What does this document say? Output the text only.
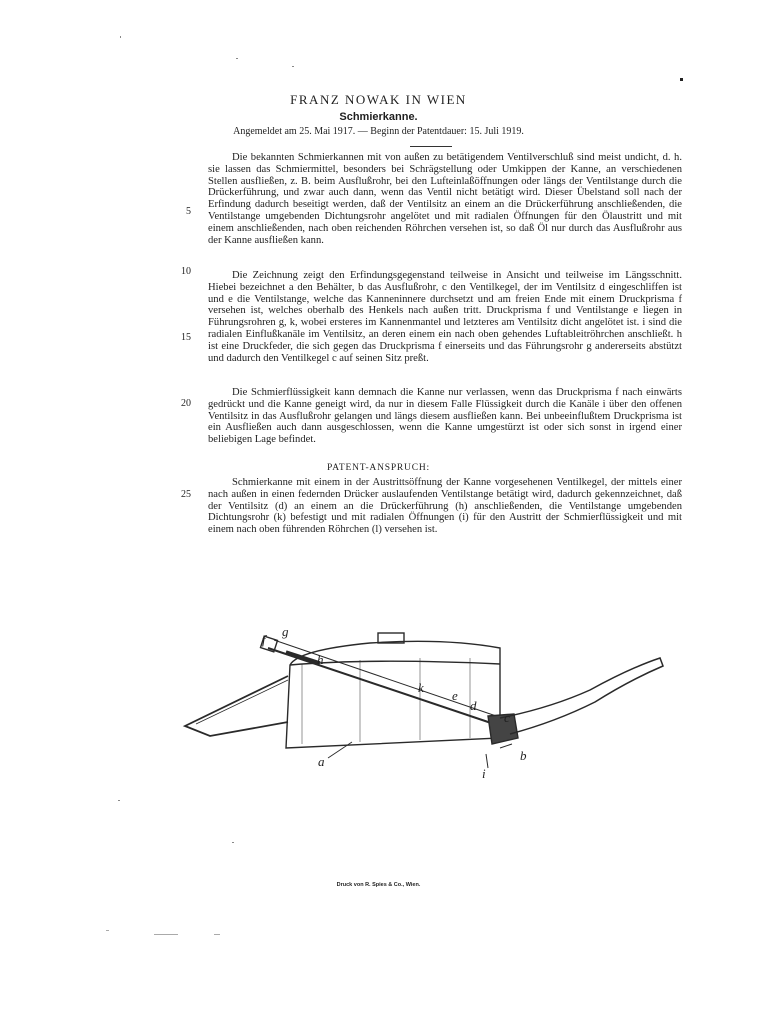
FRANZ NOWAK IN WIEN
Schmierkanne.
Angemeldet am 25. Mai 1917. — Beginn der Patentdauer: 15. Juli 1919.

Die bekannten Schmierkannen mit von außen zu betätigendem Ventilverschluß sind meist undicht, d. h. sie lassen das Schmiermittel, besonders bei Schrägstellung oder Umkippen der Kanne, an verschiedenen Stellen ausfließen, z. B. beim Ausflußrohr, bei den Lufteinlaßöffnungen oder längs der Ventilstange durch die Drückerführung, und zwar auch dann, wenn das Ventil nicht betätigt wird. Dieser Übelstand soll nach der Erfindung dadurch beseitigt werden, daß der Ventilsitz an einem an die Drückerführung anschließenden, die Ventilstange umgebenden Dichtungsrohr angelötet und mit radialen Öffnungen für den Ölaustritt und mit einem anschließenden, nach oben reichenden Röhrchen versehen ist, so daß Öl nur durch das Ausflußrohr aus der Kanne ausfließen kann.

Die Zeichnung zeigt den Erfindungsgegenstand teilweise in Ansicht und teilweise im Längsschnitt. Hiebei bezeichnet a den Behälter, b das Ausflußrohr, c den Ventilkegel, der im Ventilsitz d eingeschliffen ist und e die Ventilstange, welche das Kanneninnere durchsetzt und am freien Ende mit einem Druckprisma f versehen ist, welches oberhalb des Henkels nach außen tritt. Druckprisma f und Ventilstange e liegen in Führungsrohren g, k, wobei ersteres im Kannenmantel und letzteres am Ventilsitz dicht angelötet ist. i sind die radialen Einflußkanäle im Ventilsitz, an deren einem ein nach oben gehendes Luftableitröhrchen anschließt. h ist eine Druckfeder, die sich gegen das Druckprisma f einerseits und das Führungsrohr g andererseits abstützt und dadurch den Ventilkegel c auf seinen Sitz preßt.

Die Schmierflüssigkeit kann demnach die Kanne nur verlassen, wenn das Druckprisma f nach einwärts gedrückt und die Kanne geneigt wird, da nur in diesem Falle Flüssigkeit durch die Kanäle i über den offenen Ventilsitz in das Ausflußrohr gelangen und längs diesem ausfließen kann. Bei unbeeinflußtem Druckprisma ist ein Ausfließen auch dann ausgeschlossen, wenn die Kanne umgestürzt ist oder sich sonst in irgend einer beliebigen Lage befindet.

PATENT-ANSPRUCH:

Schmierkanne mit einem in der Austrittsöffnung der Kanne vorgesehenen Ventilkegel, der mittels einer nach außen in einen federnden Drücker auslaufenden Ventilstange betätigt wird, dadurch gekennzeichnet, daß der Ventilsitz (d) an einem an die Drückerführung (h) anschließenden, die Ventilstange umgebenden Dichtungsrohr (k) befestigt und mit radialen Öffnungen (i) für den Austritt der Schmierflüssigkeit und mit einem nach oben führenden Röhrchen (l) versehen ist.

5
10
15
20
25
f
g
h
k
e
d
c
a	b
i
Druck von R. Spies & Co., Wien.
